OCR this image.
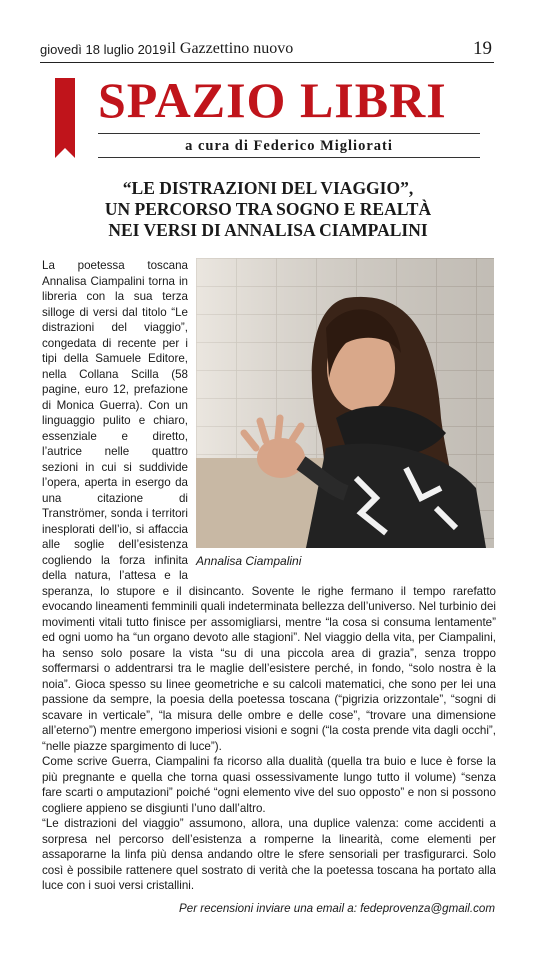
giovedì 18 luglio 2019 il Gazzettino nuovo	19
SPAZIO LIBRI
a cura di Federico Migliorati
“LE DISTRAZIONI DEL VIAGGIO”,
UN PERCORSO TRA SOGNO E REALTÀ
NEI VERSI DI ANNALISA CIAMPALINI
Annalisa Ciampalini

La poetessa toscana Annalisa Ciampalini torna in libreria con la sua terza silloge di versi dal titolo “Le distrazioni del viaggio”, congedata di recente per i tipi della Samuele Editore, nella Collana Scilla (58 pagine, euro 12, prefazione di Monica Guerra). Con un linguaggio pulito e chiaro, essenziale e diretto, l’autrice nelle quattro sezioni in cui si suddivide l’opera, aperta in esergo da una citazione di Tranströmer, sonda i territori inesplorati dell’io, si affaccia alle soglie dell’esistenza cogliendo la forza infinita della natura, l’attesa e la speranza, lo stupore e il disincanto. Sovente le righe fermano il tempo rarefatto evocando lineamenti femminili quali indeterminata bellezza dell’universo. Nel turbinio dei movimenti vitali tutto finisce per assomigliarsi, mentre “la cosa si consuma lentamente” ed ogni uomo ha “un organo devoto alle stagioni”. Nel viaggio della vita, per Ciampalini, ha senso solo posare la vista “su di una piccola area di grazia”, senza troppo soffermarsi o addentrarsi tra le maglie dell’esistere perché, in fondo, “solo nostra è la noia”. Gioca spesso su linee geometriche e su calcoli matematici, che sono per lei una passione da sempre, la poesia della poetessa toscana (“pigrizia orizzontale”, “sogni di scavare in verticale”, “la misura delle ombre e delle cose”, “trovare una dimensione all’eterno”) mentre emergono imperiosi visioni e sogni (“la costa prende vita dagli occhi”, “nelle piazze spargimento di luce”).

Come scrive Guerra, Ciampalini fa ricorso alla dualità (quella tra buio e luce è forse la più pregnante e quella che torna quasi ossessivamente lungo tutto il volume) “senza fare scarti o amputazioni” poiché “ogni elemento vive del suo opposto” e non si possono cogliere appieno se disgiunti l’uno dall’altro.

“Le distrazioni del viaggio” assumono, allora, una duplice valenza: come accidenti a sorpresa nel percorso dell’esistenza a romperne la linearità, come elementi per assaporarne la linfa più densa andando oltre le sfere sensoriali per trasfigurarci. Solo così è possibile rattenere quel sostrato di verità che la poetessa toscana ha portato alla luce con i suoi versi cristallini.

Per recensioni inviare una email a: fedeprovenza@gmail.com
